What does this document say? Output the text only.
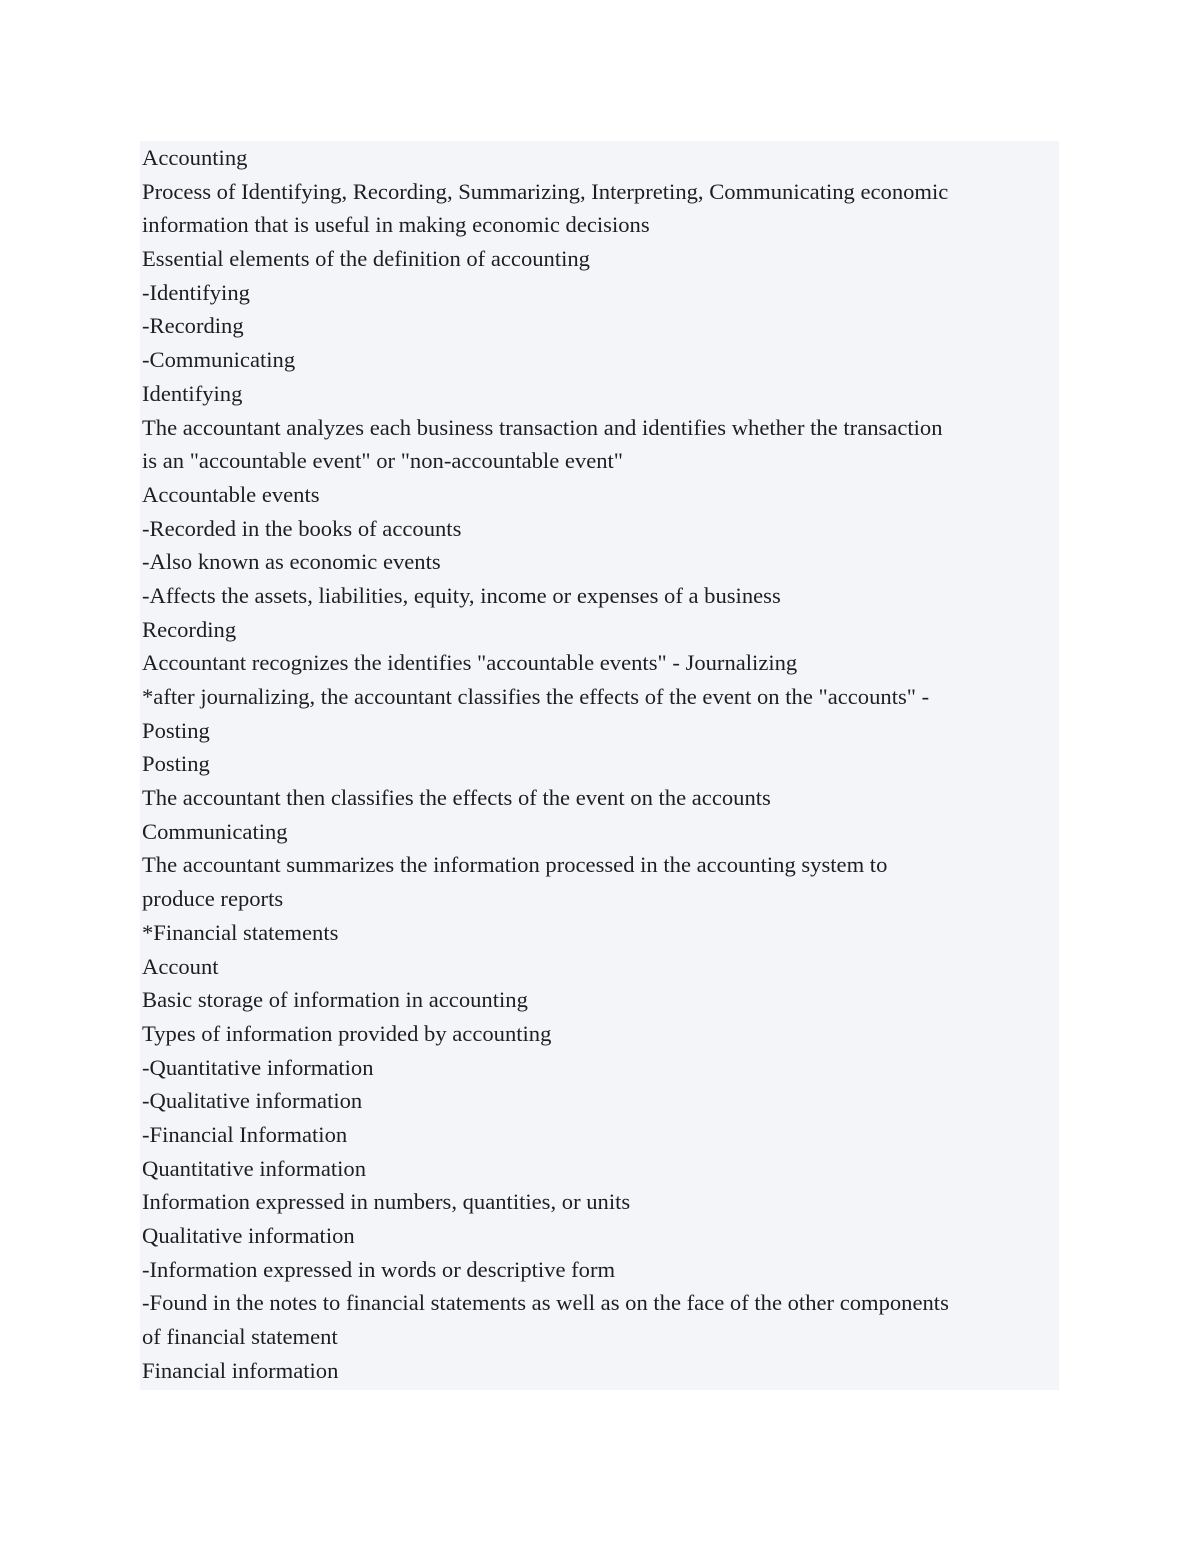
Accounting
Process of Identifying, Recording, Summarizing, Interpreting, Communicating economic
information that is useful in making economic decisions
Essential elements of the definition of accounting
-Identifying
-Recording
-Communicating
Identifying
The accountant analyzes each business transaction and identifies whether the transaction
is an "accountable event" or "non-accountable event"
Accountable events
-Recorded in the books of accounts
-Also known as economic events
-Affects the assets, liabilities, equity, income or expenses of a business
Recording
Accountant recognizes the identifies "accountable events" - Journalizing
*after journalizing, the accountant classifies the effects of the event on the "accounts" -
Posting
Posting
The accountant then classifies the effects of the event on the accounts
Communicating
The accountant summarizes the information processed in the accounting system to
produce reports
*Financial statements
Account
Basic storage of information in accounting
Types of information provided by accounting
-Quantitative information
-Qualitative information
-Financial Information
Quantitative information
Information expressed in numbers, quantities, or units
Qualitative information
-Information expressed in words or descriptive form
-Found in the notes to financial statements as well as on the face of the other components
of financial statement
Financial information
